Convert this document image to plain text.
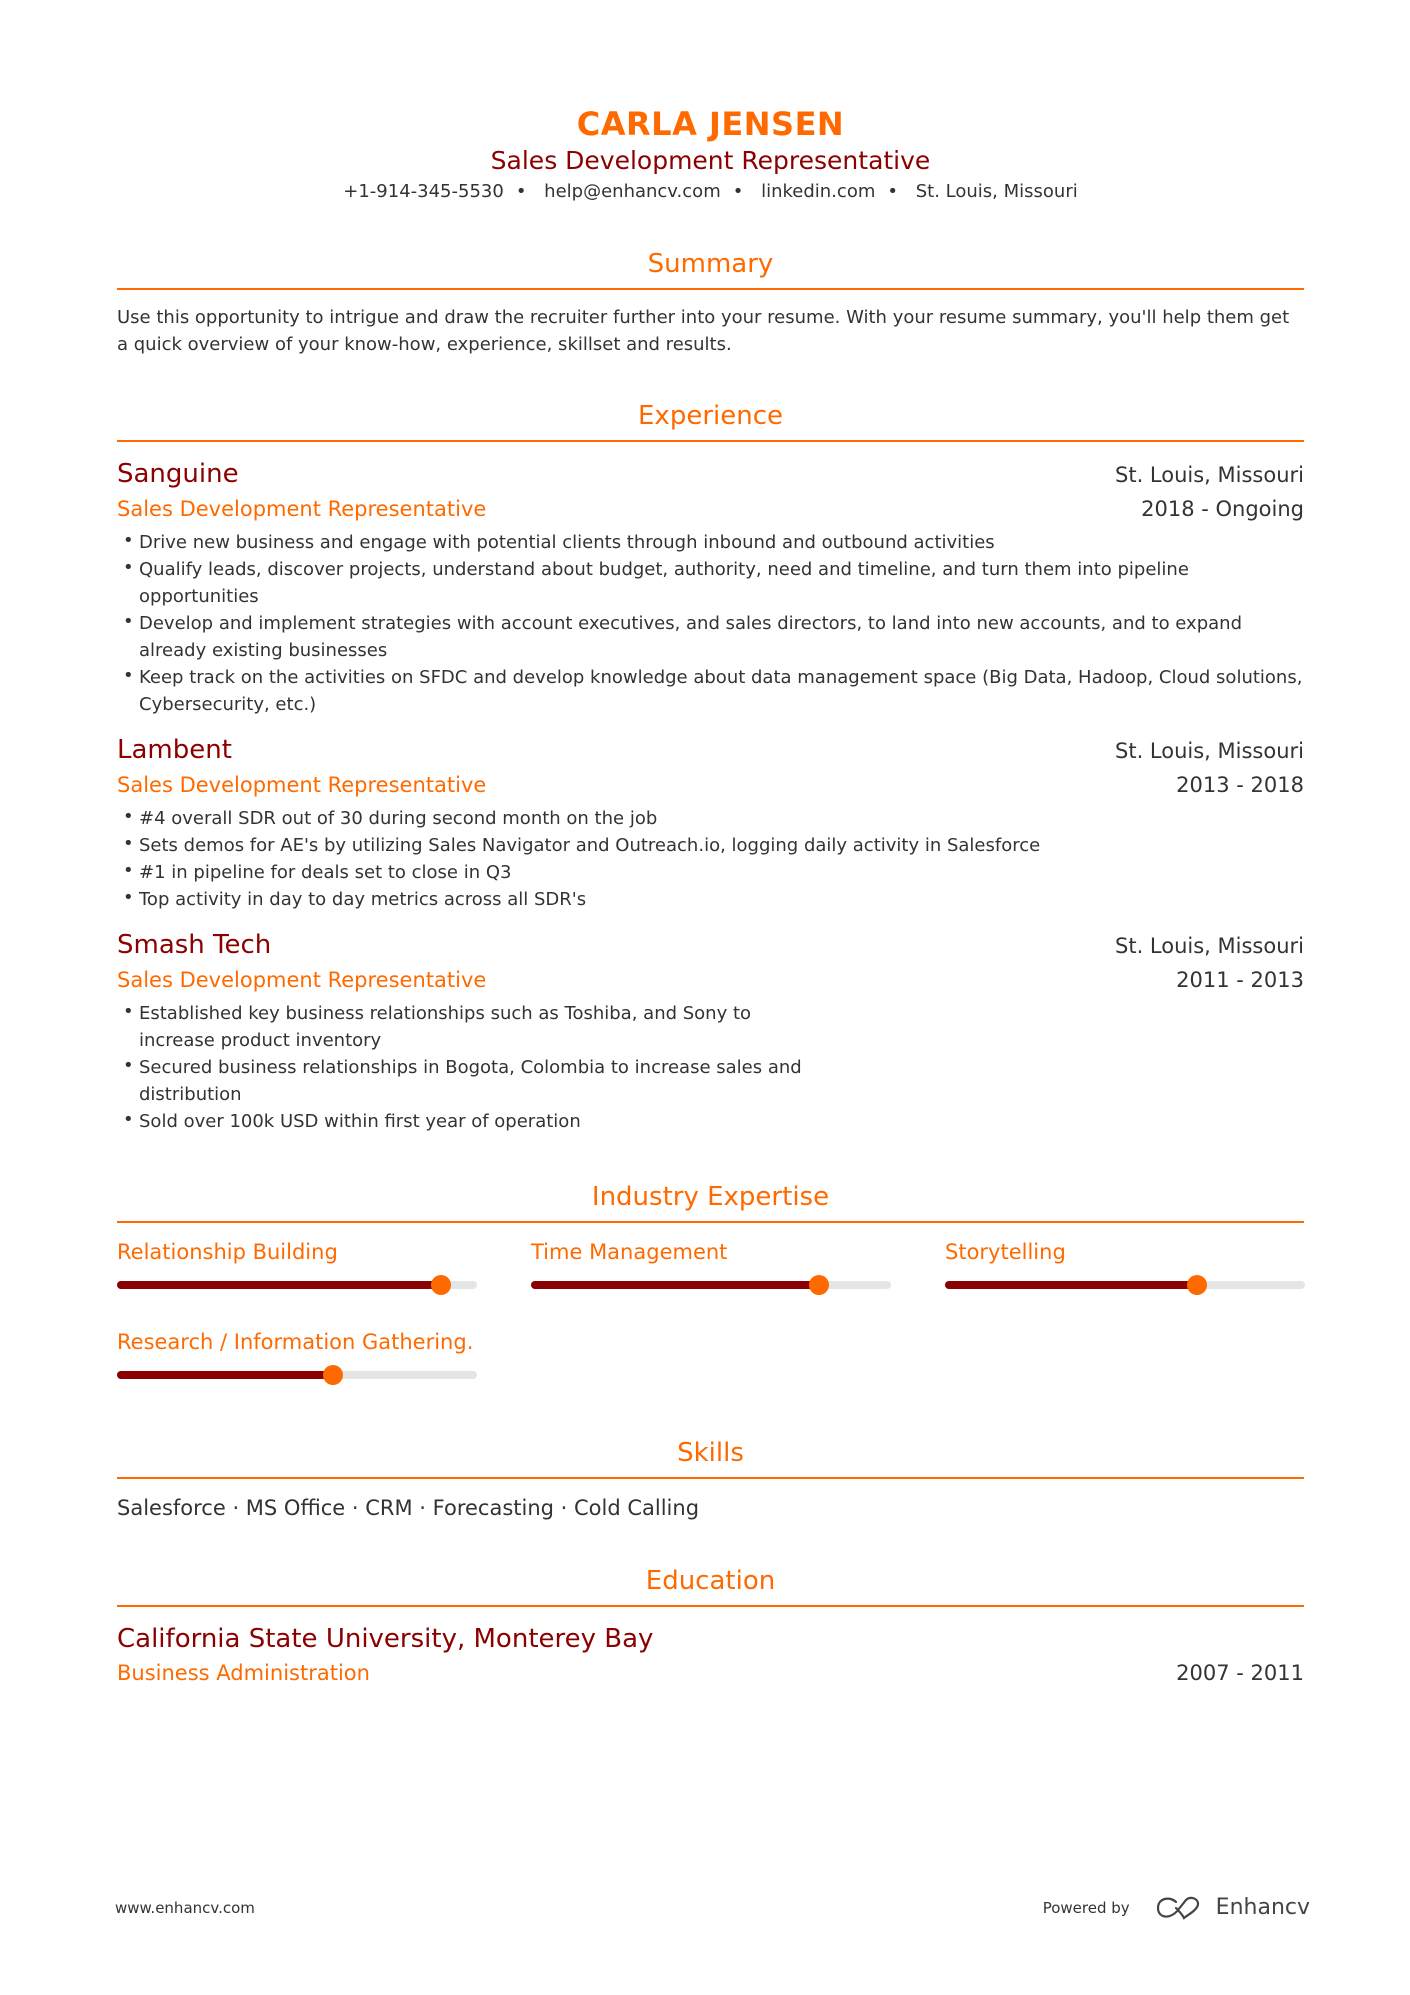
CARLA JENSEN
Sales Development Representative
+1-914-345-5530 • help@enhancv.com • linkedin.com • St. Louis, Missouri
Summary

Use this opportunity to intrigue and draw the recruiter further into your resume. With your resume summary, you'll help them get a quick overview of your know-how, experience, skillset and results.

Experience
Sanguine	St. Louis, Missouri
Sales Development Representative	2018 - Ongoing
• Drive new business and engage with potential clients through inbound and outbound activities
• Qualify leads, discover projects, understand about budget, authority, need and timeline, and turn them into pipeline opportunities
• Develop and implement strategies with account executives, and sales directors, to land into new accounts, and to expand already existing businesses
• Keep track on the activities on SFDC and develop knowledge about data management space (Big Data, Hadoop, Cloud solutions, Cybersecurity, etc.)
Lambent	St. Louis, Missouri
Sales Development Representative	2013 - 2018
• #4 overall SDR out of 30 during second month on the job
• Sets demos for AE's by utilizing Sales Navigator and Outreach.io, logging daily activity in Salesforce
• #1 in pipeline for deals set to close in Q3
• Top activity in day to day metrics across all SDR's
Smash Tech	St. Louis, Missouri
Sales Development Representative	2011 - 2013
• Established key business relationships such as Toshiba, and Sony to increase product inventory
• Secured business relationships in Bogota, Colombia to increase sales and distribution
• Sold over 100k USD within first year of operation
Industry Expertise
Relationship Building	Time Management	Storytelling
Research / Information Gathering.
Skills
Salesforce · MS Office · CRM · Forecasting · Cold Calling
Education
California State University, Monterey Bay
Business Administration	2007 - 2011
www.enhancv.com	Powered by	Enhancv
